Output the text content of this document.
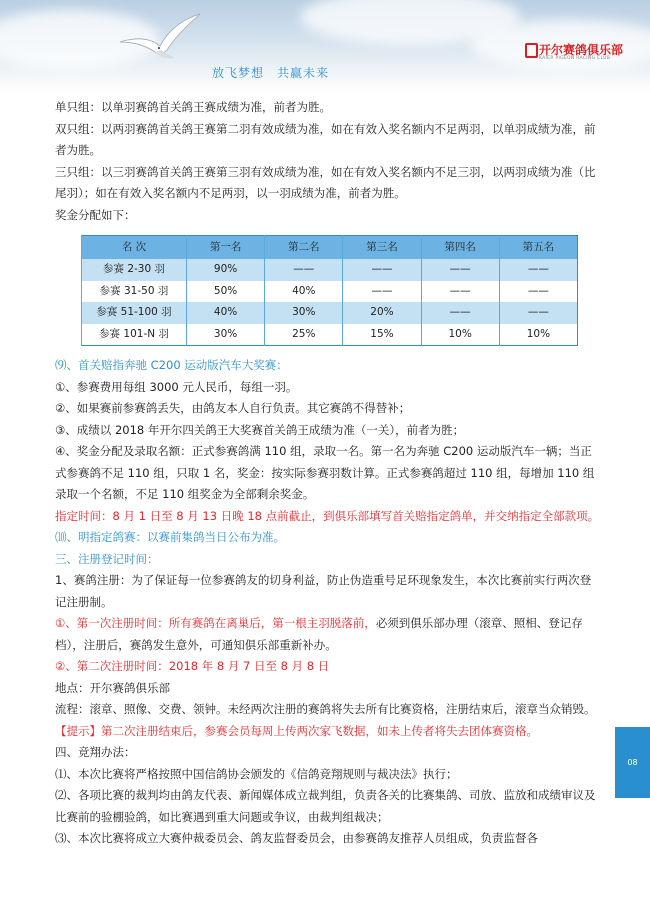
放飞梦想　共赢未来
开尔赛鸽俱乐部
KAIER PIGEON RACING CLUB

单只组：以单羽赛鸽首关鸽王赛成绩为准，前者为胜。

双只组：以两羽赛鸽首关鸽王赛第二羽有效成绩为准，如在有效入奖名额内不足两羽，以单羽成绩为准，前者为胜。

三只组：以三羽赛鸽首关鸽王赛第三羽有效成绩为准，如在有效入奖名额内不足三羽，以两羽成绩为准（比尾羽）；如在有效入奖名额内不足两羽，以一羽成绩为准，前者为胜。

奖金分配如下：

名 次	第一名	第二名	第三名	第四名	第五名
参赛 2-30 羽	90%	——	——	——	——
参赛 31-50 羽	50%	40%	——	——	——
参赛 51-100 羽	40%	30%	20%	——	——
参赛 101-N 羽	30%	25%	15%	10%	10%

⑼、首关赔指奔驰 C200 运动版汽车大奖赛：

①、参赛费用每组 3000 元人民币，每组一羽。

②、如果赛前参赛鸽丢失，由鸽友本人自行负责。其它赛鸽不得替补；

③、成绩以 2018 年开尔四关鸽王大奖赛首关鸽王成绩为准（一关），前者为胜；

④、奖金分配及录取名额：正式参赛鸽满 110 组，录取一名。第一名为奔驰 C200 运动版汽车一辆；当正式参赛鸽不足 110 组，只取 1 名，奖金：按实际参赛羽数计算。正式参赛鸽超过 110 组，每增加 110 组录取一个名额，不足 110 组奖金为全部剩余奖金。

指定时间：8 月 1 日至 8 月 13 日晚 18 点前截止，到俱乐部填写首关赔指定鸽单，并交纳指定全部款项。

⑽、明指定鸽赛：以赛前集鸽当日公布为准。

三、注册登记时间：

1、赛鸽注册：为了保证每一位参赛鸽友的切身利益，防止伪造重号足环现象发生，本次比赛前实行两次登记注册制。

①、第一次注册时间：所有赛鸽在离巢后，第一根主羽脱落前，必须到俱乐部办理（滚章、照相、登记存档），注册后，赛鸽发生意外，可通知俱乐部重新补办。

②、第二次注册时间：2018 年 8 月 7 日至 8 月 8 日

地点：开尔赛鸽俱乐部

流程：滚章、照像、交费、领钟。未经两次注册的赛鸽将失去所有比赛资格，注册结束后，滚章当众销毁。

【提示】第二次注册结束后，参赛会员每周上传两次家飞数据，如未上传者将失去团体赛资格。

四、竞翔办法：

⑴、本次比赛将严格按照中国信鸽协会颁发的《信鸽竞翔规则与裁决法》执行；

⑵、各项比赛的裁判均由鸽友代表、新闻媒体成立裁判组，负责各关的比赛集鸽、司放、监放和成绩审议及比赛前的验棚验鸽，如比赛遇到重大问题或争议，由裁判组裁决；

⑶、本次比赛将成立大赛仲裁委员会、鸽友监督委员会，由参赛鸽友推荐人员组成，负责监督各

08
